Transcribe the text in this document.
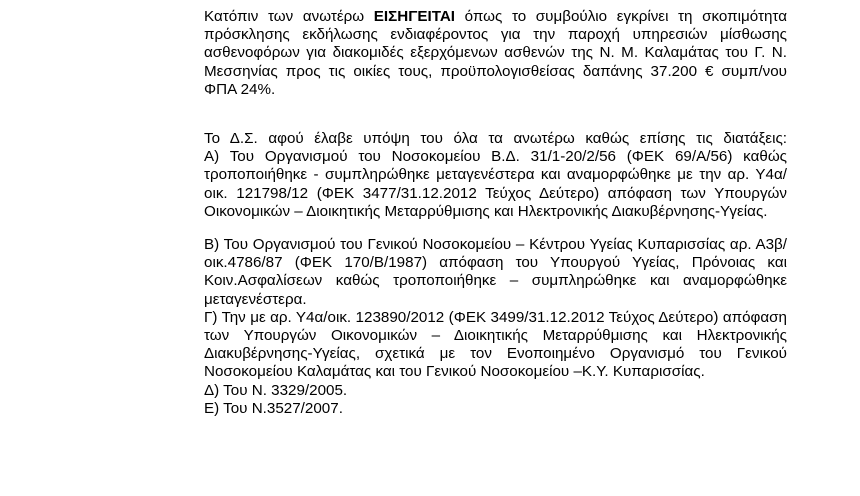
Κατόπιν των ανωτέρω ΕΙΣΗΓΕΙΤΑΙ όπως το συμβούλιο εγκρίνει τη σκοπιμότητα πρόσκλησης εκδήλωσης ενδιαφέροντος για την παροχή υπηρεσιών μίσθωσης ασθενοφόρων για διακομιδές εξερχόμενων ασθενών της Ν. Μ. Καλαμάτας του Γ. Ν. Μεσσηνίας προς τις οικίες τους, προϋπολογισθείσας δαπάνης 37.200 € συμπ/νου ΦΠΑ 24%.

Το Δ.Σ. αφού έλαβε υπόψη του όλα τα ανωτέρω καθώς επίσης τις διατάξεις:

Α) Του Οργανισμού του Νοσοκομείου Β.Δ. 31/1-20/2/56 (ΦΕΚ 69/Α/56) καθώς τροποποιήθηκε - συμπληρώθηκε μεταγενέστερα και αναμορφώθηκε με την αρ. Υ4α/οικ. 121798/12 (ΦΕΚ 3477/31.12.2012 Τεύχος Δεύτερο) απόφαση των Υπουργών Οικονομικών – Διοικητικής Μεταρρύθμισης και Ηλεκτρονικής Διακυβέρνησης-Υγείας.

Β) Του Οργανισμού του Γενικού Νοσοκομείου – Κέντρου Υγείας Κυπαρισσίας αρ. Α3β/οικ.4786/87 (ΦΕΚ 170/Β/1987) απόφαση του Υπουργού Υγείας, Πρόνοιας και Κοιν.Ασφαλίσεων καθώς τροποποιήθηκε – συμπληρώθηκε και αναμορφώθηκε μεταγενέστερα.

Γ) Την με αρ. Υ4α/οικ. 123890/2012 (ΦΕΚ 3499/31.12.2012 Τεύχος Δεύτερο) απόφαση των Υπουργών Οικονομικών – Διοικητικής Μεταρρύθμισης και Ηλεκτρονικής Διακυβέρνησης-Υγείας, σχετικά με τον Ενοποιημένο Οργανισμό του Γενικού Νοσοκομείου Καλαμάτας και του Γενικού Νοσοκομείου –Κ.Υ. Κυπαρισσίας.

Δ) Του Ν. 3329/2005.

Ε) Του Ν.3527/2007.
